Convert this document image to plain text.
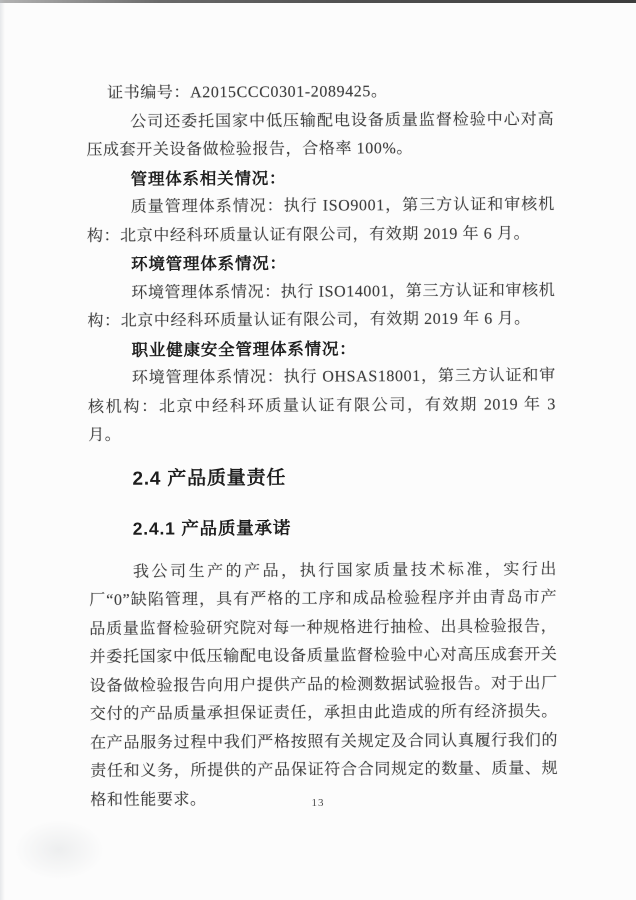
证书编号：A2015CCC0301-2089425。

公司还委托国家中低压输配电设备质量监督检验中心对高压成套开关设备做检验报告，合格率 100%。

管理体系相关情况：

质量管理体系情况：执行 ISO9001，第三方认证和审核机构：北京中经科环质量认证有限公司，有效期 2019 年 6 月。

环境管理体系情况：

环境管理体系情况：执行 ISO14001，第三方认证和审核机构：北京中经科环质量认证有限公司，有效期 2019 年 6 月。

职业健康安全管理体系情况：

环境管理体系情况：执行 OHSAS18001，第三方认证和审核机构：北京中经科环质量认证有限公司，有效期 2019 年 3 月。

2.4 产品质量责任

2.4.1 产品质量承诺

我公司生产的产品，执行国家质量技术标准，实行出厂“0”缺陷管理，具有严格的工序和成品检验程序并由青岛市产品质量监督检验研究院对每一种规格进行抽检、出具检验报告，并委托国家中低压输配电设备质量监督检验中心对高压成套开关设备做检验报告向用户提供产品的检测数据试验报告。对于出厂交付的产品质量承担保证责任，承担由此造成的所有经济损失。在产品服务过程中我们严格按照有关规定及合同认真履行我们的责任和义务，所提供的产品保证符合合同规定的数量、质量、规格和性能要求。	13
